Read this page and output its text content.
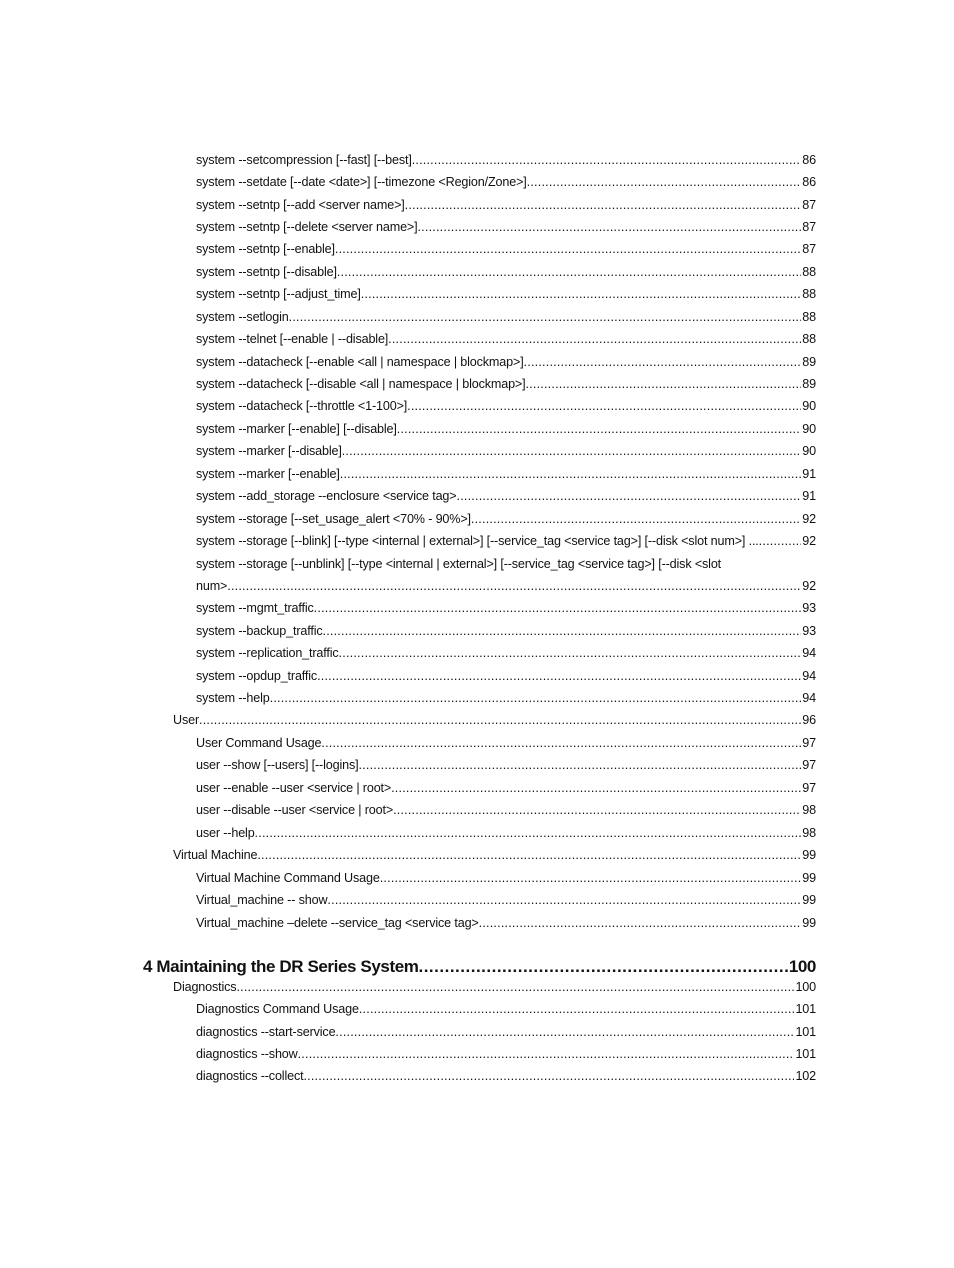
system --setcompression [--fast] [--best] .....	86
system --setdate [--date <date>] [--timezone <Region/Zone>] .....	86
system --setntp [--add <server name>] .....	87
system --setntp [--delete <server name>] .....	87
system --setntp [--enable] .....	87
system --setntp [--disable] .....	88
system --setntp [--adjust_time] .....	88
system --setlogin .....	88
system --telnet [--enable | --disable] .....	88
system --datacheck [--enable <all | namespace | blockmap>] .....	89
system --datacheck [--disable <all | namespace | blockmap>] .....	89
system --datacheck [--throttle <1-100>] .....	90
system --marker [--enable] [--disable] .....	90
system --marker [--disable] .....	90
system --marker [--enable] .....	91
system --add_storage --enclosure <service tag> .....	91
system --storage [--set_usage_alert <70% - 90%>] .....	92
system --storage [--blink] [--type <internal | external>] [--service_tag <service tag>] [--disk <slot num>] ... .....	92
system --storage [--unblink] [--type <internal | external>] [--service_tag <service tag>] [--disk <slot
num> .....	92
system --mgmt_traffic .....	93
system --backup_traffic .....	93
system --replication_traffic .....	94
system --opdup_traffic .....	94
system --help .....	94
User .....	96
User Command Usage .....	97
user --show [--users] [--logins] .....	97
user --enable --user <service | root> .....	97
user --disable --user <service | root> .....	98
user --help .....	98
Virtual Machine .....	99
Virtual Machine Command Usage .....	99
Virtual_machine -- show .....	99
Virtual_machine –delete --service_tag <service tag> .....	99
4 Maintaining the DR Series System .....	100
Diagnostics .....	100
Diagnostics Command Usage .....	101
diagnostics --start-service .....	101
diagnostics --show .....	101
diagnostics --collect .....	102
